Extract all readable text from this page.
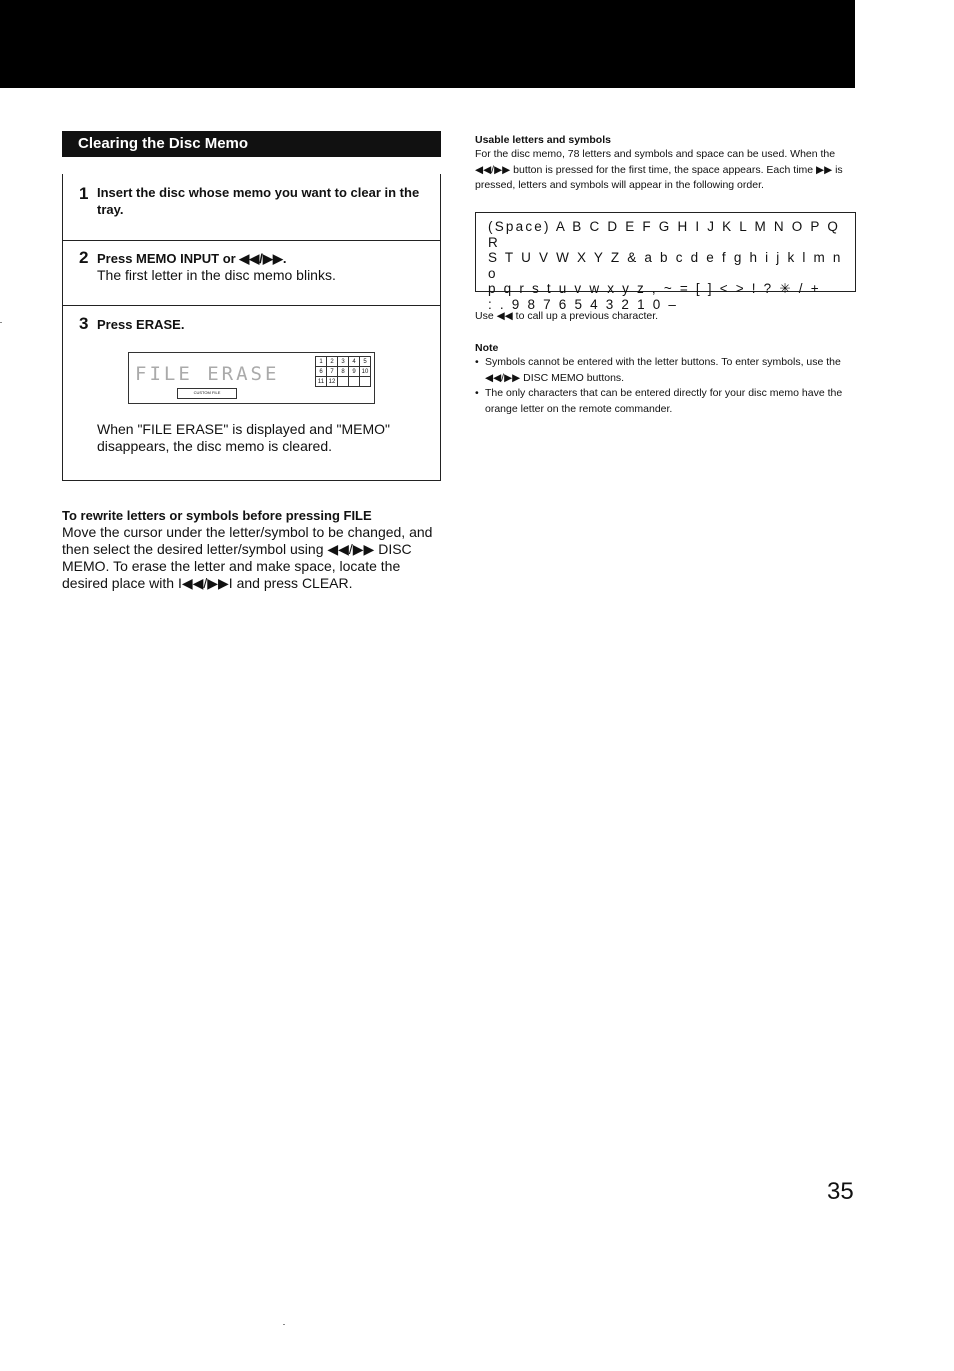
Clearing the Disc Memo
1 Insert the disc whose memo you want to clear in the tray.
2 Press MEMO INPUT or ◀◀/▶▶.
The first letter in the disc memo blinks.
3 Press ERASE.
When "FILE ERASE" is displayed and "MEMO" disappears, the disc memo is cleared.
FILE ERASE
1	2	3	4	5
6	7	8	9	10
11	12			
CUSTOM FILE
To rewrite letters or symbols before pressing FILE
Move the cursor under the letter/symbol to be changed, and then select the desired letter/symbol using ◀◀/▶▶ DISC MEMO. To erase the letter and make space, locate the desired place with I◀◀/▶▶I and press CLEAR.
Usable letters and symbols
For the disc memo, 78 letters and symbols and space can be used. When the ◀◀/▶▶ button is pressed for the first time, the space appears. Each time ▶▶ is pressed, letters and symbols will appear in the following order.
(Space) A B C D E F G H I J K L M N O P Q R
S T U V W X Y Z & a b c d e f g h i j k l m n o
p q r s t u v w x y z , ~ = [ ] < > ! ? ✳ / +
: . 9 8 7 6 5 4 3 2 1 0 –
Use ◀◀ to call up a previous character.
Note
• Symbols cannot be entered with the letter buttons. To enter symbols, use the ◀◀/▶▶ DISC MEMO buttons.
• The only characters that can be entered directly for your disc memo have the orange letter on the remote commander.
35
